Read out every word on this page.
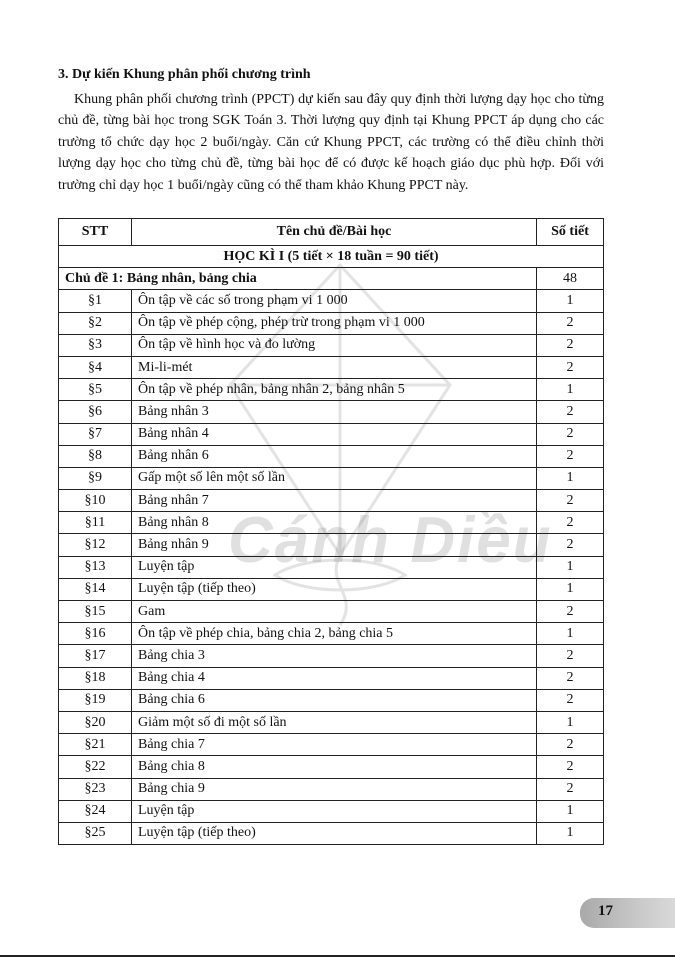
3. Dự kiến Khung phân phối chương trình

Khung phân phối chương trình (PPCT) dự kiến sau đây quy định thời lượng dạy học cho từng chủ đề, từng bài học trong SGK Toán 3. Thời lượng quy định tại Khung PPCT áp dụng cho các trường tổ chức dạy học 2 buổi/ngày. Căn cứ Khung PPCT, các trường có thể điều chỉnh thời lượng dạy học cho từng chủ đề, từng bài học để có được kế hoạch giáo dục phù hợp. Đối với trường chỉ dạy học 1 buổi/ngày cũng có thể tham khảo Khung PPCT này.

Cánh Diều
STT	Tên chủ đề/Bài học	Số tiết
HỌC KÌ I (5 tiết × 18 tuần = 90 tiết)		
Chủ đề 1: Bảng nhân, bảng chia		48
§1	Ôn tập về các số trong phạm vi 1 000	1
§2	Ôn tập về phép cộng, phép trừ trong phạm vi 1 000	2
§3	Ôn tập về hình học và đo lường	2
§4	Mi-li-mét	2
§5	Ôn tập về phép nhân, bảng nhân 2, bảng nhân 5	1
§6	Bảng nhân 3	2
§7	Bảng nhân 4	2
§8	Bảng nhân 6	2
§9	Gấp một số lên một số lần	1
§10	Bảng nhân 7	2
§11	Bảng nhân 8	2
§12	Bảng nhân 9	2
§13	Luyện tập	1
§14	Luyện tập (tiếp theo)	1
§15	Gam	2
§16	Ôn tập về phép chia, bảng chia 2, bảng chia 5	1
§17	Bảng chia 3	2
§18	Bảng chia 4	2
§19	Bảng chia 6	2
§20	Giảm một số đi một số lần	1
§21	Bảng chia 7	2
§22	Bảng chia 8	2
§23	Bảng chia 9	2
§24	Luyện tập	1
§25	Luyện tập (tiếp theo)	1
17
